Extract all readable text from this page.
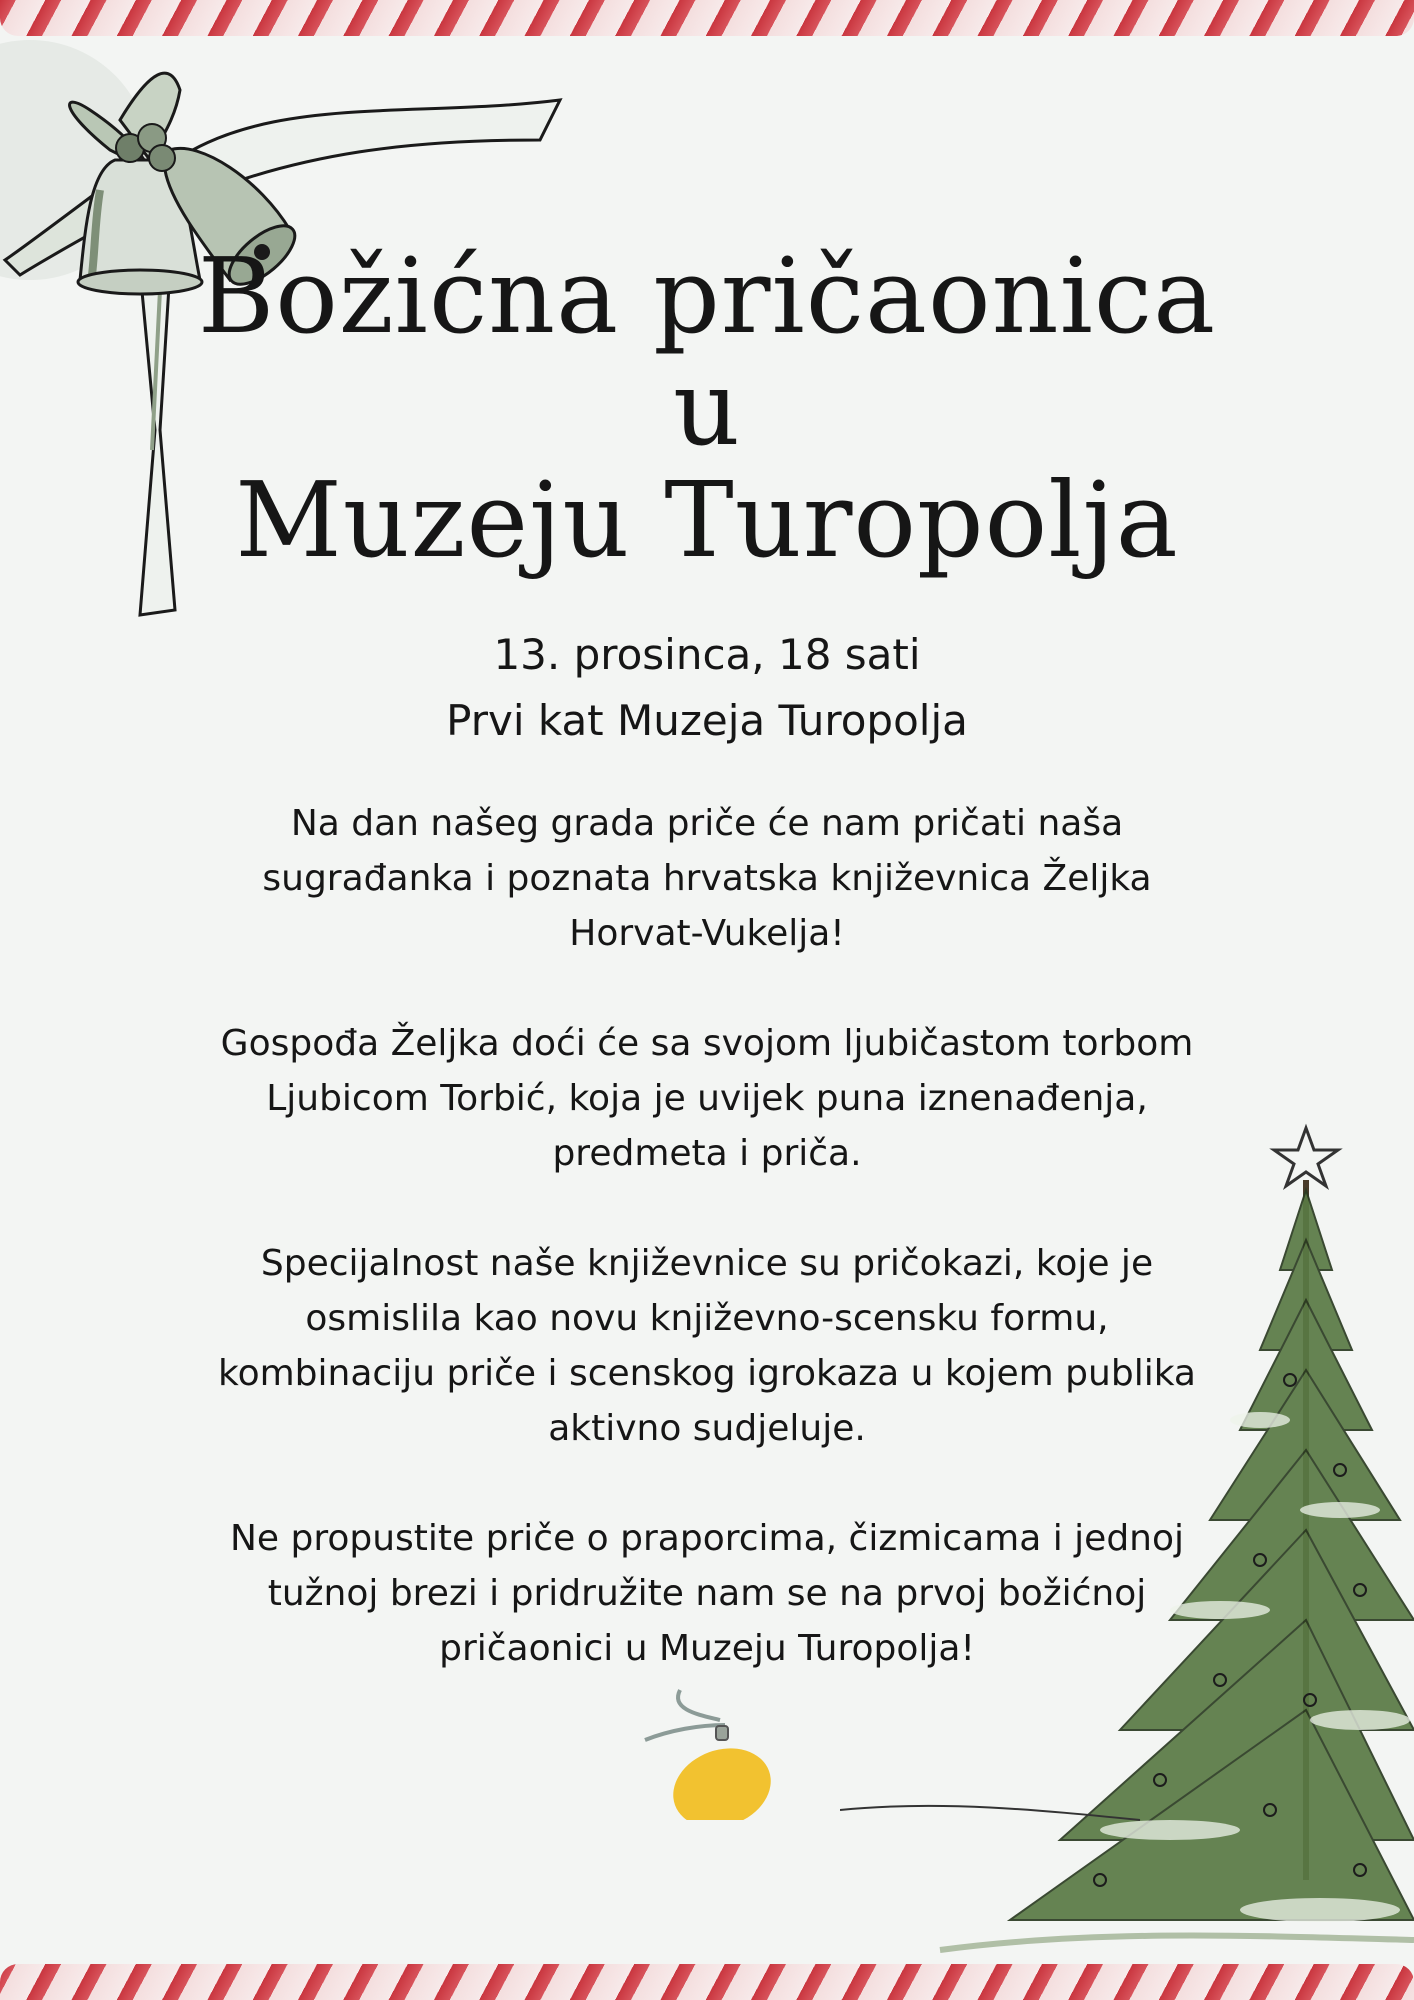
Božićna pričaonica
u
Muzeju Turopolja
13. prosinca, 18 sati
Prvi kat Muzeja Turopolja

Na dan našeg grada priče će nam pričati naša sugrađanka i poznata hrvatska književnica Željka Horvat-Vukelja!

Gospođa Željka doći će sa svojom ljubičastom torbom Ljubicom Torbić, koja je uvijek puna iznenađenja, predmeta i priča.

Specijalnost naše književnice su pričokazi, koje je osmislila kao novu književno-scensku formu, kombinaciju priče i scenskog igrokaza u kojem publika aktivno sudjeluje.

Ne propustite priče o praporcima, čizmicama i jednoj tužnoj brezi i pridružite nam se na prvoj božićnoj pričaonici u Muzeju Turopolja!
